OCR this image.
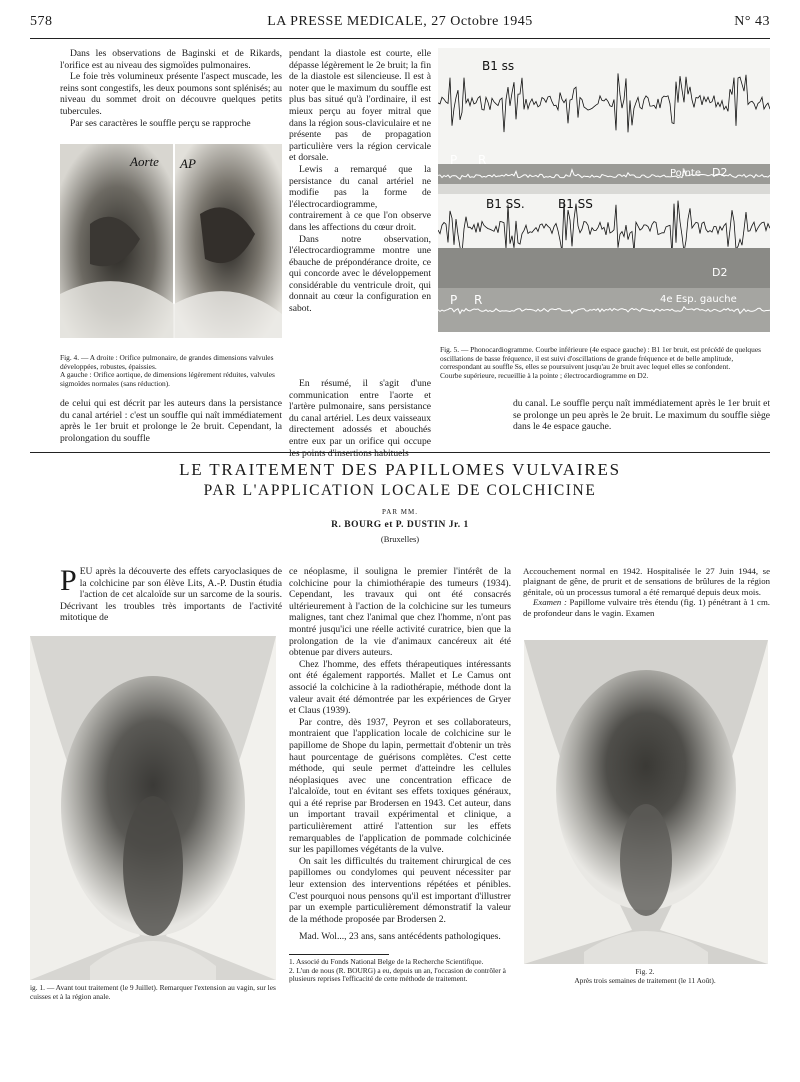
578	LA PRESSE MEDICALE, 27 Octobre 1945	N° 43

Dans les observations de Baginski et de Rikards, l'orifice est au niveau des sigmoïdes pulmonaires.

Le foie très volumineux présente l'aspect muscade, les reins sont congestifs, les deux poumons sont splénisés; au niveau du sommet droit on découvre quelques petits tubercules.

Par ses caractères le souffle perçu se rapproche

Aorte AP
Fig. 4. — A droite : Orifice pulmonaire, de grandes dimensions valvules développées, robustes, épaissies.
A gauche : Orifice aortique, de dimensions légèrement réduites, valvules sigmoïdes normales (sans réduction).

pendant la diastole est courte, elle dépasse légèrement le 2e bruit; la fin de la diastole est silencieuse. Il est à noter que le maximum du souffle est plus bas situé qu'à l'ordinaire, il est mieux perçu au foyer mitral que dans la région sous-claviculaire et ne présente pas de propagation particulière vers la région cervicale et dorsale.

Lewis a remarqué que la persistance du canal artériel ne modifie pas la forme de l'électrocardiogramme, contrairement à ce que l'on observe dans les affections du cœur droit.

Dans notre observation, l'électrocardiogramme montre une ébauche de prépondérance droite, ce qui concorde avec le développement considérable du ventricule droit, qui donnait au cœur la configuration en sabot.

B1 ss
P R
Pointe D2
B1 SS.	B1 SS
D2
P R	4e Esp. gauche
Fig. 5. — Phonocardiogramme. Courbe inférieure (4e espace gauche) : B1 1er bruit, est précédé de quelques oscillations de basse fréquence, il est suivi d'oscillations de grande fréquence et de belle amplitude, correspondant au souffle Ss, elles se poursuivent jusqu'au 2e bruit avec lequel elles se confondent.
Courbe supérieure, recueillie à la pointe ; électrocardiogramme en D2.

En résumé, il s'agit d'une communication entre l'aorte et l'artère pulmonaire, sans persistance du canal artériel. Les deux vaisseaux directement adossés et abouchés entre eux par un orifice qui occupe les points d'insertions habituels

de celui qui est décrit par les auteurs dans la persistance du canal artériel : c'est un souffle qui naît immédiatement après le 1er bruit et prolonge le 2e bruit. Cependant, la prolongation du souffle

du canal. Le souffle perçu naît immédiatement après le 1er bruit et se prolonge un peu après le 2e bruit. Le maximum du souffle siège dans le 4e espace gauche.

LE TRAITEMENT DES PAPILLOMES VULVAIRES
PAR L'APPLICATION LOCALE DE COLCHICINE
PAR MM.
R. BOURG et P. DUSTIN Jr. 1
(Bruxelles)

PEU après la découverte des effets caryoclasiques de la colchicine par son élève Lits, A.-P. Dustin étudia l'action de cet alcaloïde sur un sarcome de la souris. Décrivant les troubles très importants de l'activité mitotique de

ig. 1. — Avant tout traitement (le 9 Juillet). Remarquer l'extension au vagin, sur les cuisses et à la région anale.

ce néoplasme, il souligna le premier l'intérêt de la colchicine pour la chimiothérapie des tumeurs (1934). Cependant, les travaux qui ont été consacrés ultérieurement à l'action de la colchicine sur les tumeurs malignes, tant chez l'animal que chez l'homme, n'ont pas montré jusqu'ici une réelle activité curatrice, bien que la prolongation de la vie d'animaux cancéreux ait été obtenue par divers auteurs.

Chez l'homme, des effets thérapeutiques intéressants ont été également rapportés. Mallet et Le Camus ont associé la colchicine à la radiothérapie, méthode dont la valeur avait été démontrée par les expériences de Gryer et Claus (1939).

Par contre, dès 1937, Peyron et ses collaborateurs, montraient que l'application locale de colchicine sur le papillome de Shope du lapin, permettait d'obtenir un très haut pourcentage de guérisons complètes. C'est cette méthode, qui seule permet d'atteindre les cellules néoplasiques avec une concentration efficace de l'alcaloïde, tout en évitant ses effets toxiques généraux, qui a été reprise par Brodersen en 1943. Cet auteur, dans un important travail expérimental et clinique, a particulièrement attiré l'attention sur les effets remarquables de l'application de pommade colchicinée sur les papillomes végétants de la vulve.

On sait les difficultés du traitement chirurgical de ces papillomes ou condylomes qui peuvent nécessiter par leur extension des interventions répétées et pénibles. C'est pourquoi nous pensons qu'il est important d'illustrer par un exemple particulièrement démonstratif la valeur de la méthode proposée par Brodersen 2.

Mad. Wol..., 23 ans, sans antécédents pathologiques.

1. Associé du Fonds National Belge de la Recherche Scientifique.
2. L'un de nous (R. BOURG) a eu, depuis un an, l'occasion de contrôler à plusieurs reprises l'efficacité de cette méthode de traitement.

Accouchement normal en 1942. Hospitalisée le 27 Juin 1944, se plaignant de gêne, de prurit et de sensations de brûlures de la région génitale, où un processus tumoral a été remarqué depuis deux mois.

Examen : Papillome vulvaire très étendu (fig. 1) pénétrant à 1 cm. de profondeur dans le vagin. Examen

Fig. 2.
Après trois semaines de traitement (le 11 Août).
